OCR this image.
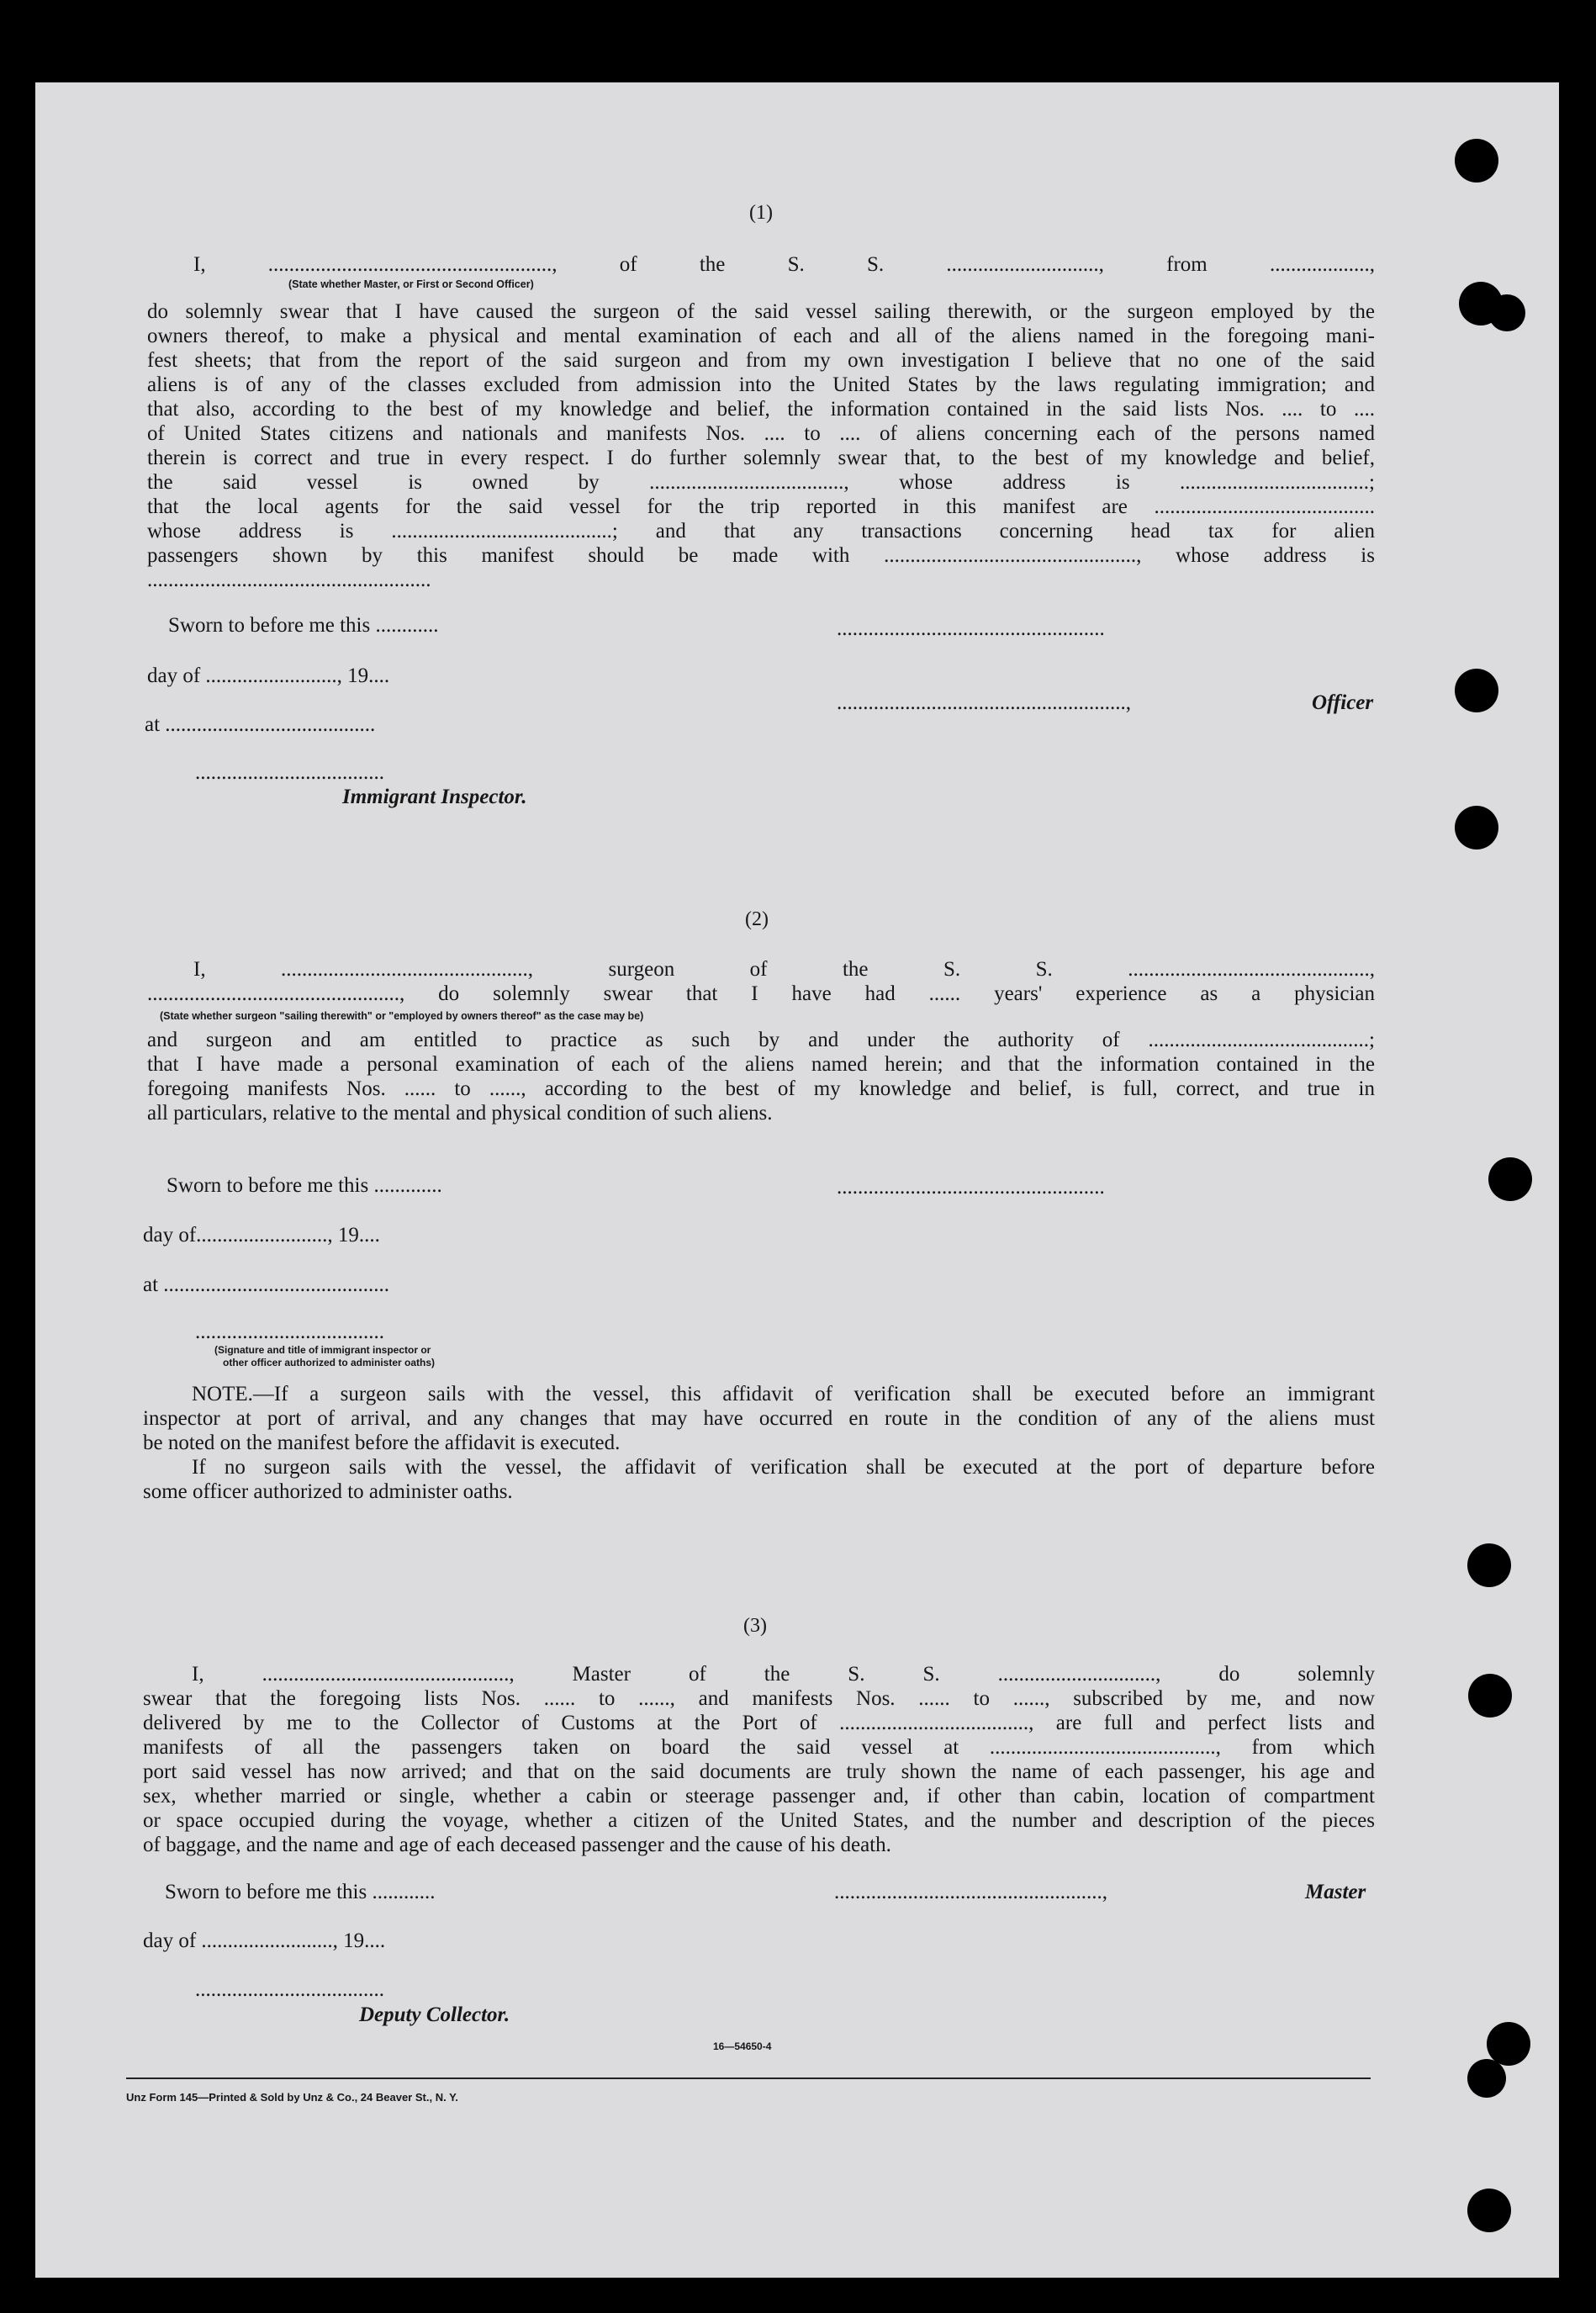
(1)
I, ......................................................, of the S. S. ............................., from ...................,
(State whether Master, or First or Second Officer)
do solemnly swear that I have caused the surgeon of the said vessel sailing therewith, or the surgeon employed by the
owners thereof, to make a physical and mental examination of each and all of the aliens named in the foregoing mani-
fest sheets; that from the report of the said surgeon and from my own investigation I believe that no one of the said
aliens is of any of the classes excluded from admission into the United States by the laws regulating immigration; and
that also, according to the best of my knowledge and belief, the information contained in the said lists Nos. .... to ....
of United States citizens and nationals and manifests Nos. .... to .... of aliens concerning each of the persons named
therein is correct and true in every respect. I do further solemnly swear that, to the best of my knowledge and belief,
the said vessel is owned by ....................................., whose address is ....................................;
that the local agents for the said vessel for the trip reported in this manifest are ..........................................
whose address is ..........................................; and that any transactions concerning head tax for alien
passengers shown by this manifest should be made with ................................................, whose address is
......................................................
Sworn to before me this ............
day of ........................., 19....
at ........................................
....................................
Immigrant Inspector.
...................................................
.......................................................,	Officer
(2)
I, ..............................................., surgeon of the S. S. ..............................................,
................................................, do solemnly swear that I have had ...... years' experience as a physician
(State whether surgeon "sailing therewith" or "employed by owners thereof" as the case may be)
and surgeon and am entitled to practice as such by and under the authority of ..........................................;
that I have made a personal examination of each of the aliens named herein; and that the information contained in the
foregoing manifests Nos. ...... to ......, according to the best of my knowledge and belief, is full, correct, and true in
all particulars, relative to the mental and physical condition of such aliens.
Sworn to before me this .............
day of........................., 19....
at ...........................................
....................................
(Signature and title of immigrant inspector or
other officer authorized to administer oaths)
...................................................
NOTE.—If a surgeon sails with the vessel, this affidavit of verification shall be executed before an immigrant
inspector at port of arrival, and any changes that may have occurred en route in the condition of any of the aliens must
be noted on the manifest before the affidavit is executed.
If no surgeon sails with the vessel, the affidavit of verification shall be executed at the port of departure before
some officer authorized to administer oaths.
(3)
I, ..............................................., Master of the S. S. .............................., do solemnly
swear that the foregoing lists Nos. ...... to ......, and manifests Nos. ...... to ......, subscribed by me, and now
delivered by me to the Collector of Customs at the Port of ...................................., are full and perfect lists and
manifests of all the passengers taken on board the said vessel at ..........................................., from which
port said vessel has now arrived; and that on the said documents are truly shown the name of each passenger, his age and
sex, whether married or single, whether a cabin or steerage passenger and, if other than cabin, location of compartment
or space occupied during the voyage, whether a citizen of the United States, and the number and description of the pieces
of baggage, and the name and age of each deceased passenger and the cause of his death.
Sworn to before me this ............
day of ........................., 19....
....................................
Deputy Collector.
...................................................,	Master
16—54650-4
Unz Form 145—Printed & Sold by Unz & Co., 24 Beaver St., N. Y.
